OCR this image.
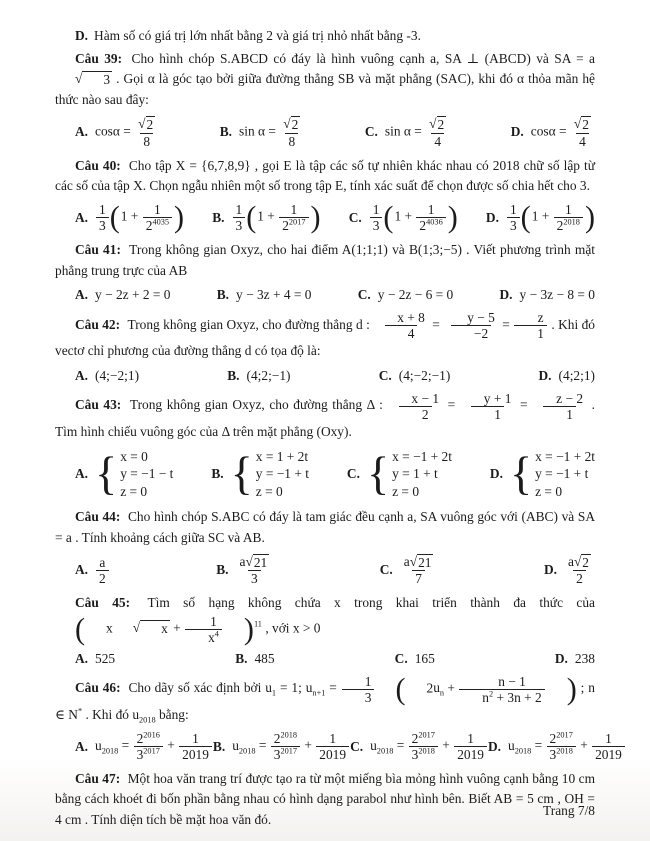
D. Hàm số có giá trị lớn nhất bằng 2 và giá trị nhỏ nhất bằng -3.

Câu 39: Cho hình chóp S.ABCD có đáy là hình vuông cạnh a, SA ⊥ (ABCD) và SA = a
√	3 . Gọi α là góc tạo bởi giữa đường thẳng SB và mặt phẳng (SAC), khi đó α thỏa mãn hệ thức nào sau đây:

A. $\cos\alpha = \frac{√ 2}{8}$	B. $\sin \alpha = \frac{√ 2}{8}$	C. $\sin \alpha = \frac{√ 2}{4}$	D. $\cos\alpha = \frac{√ 2}{4}$

Câu 40: Cho tập X = {6,7,8,9} , gọi E là tập các số tự nhiên khác nhau có 2018 chữ số lập từ các số của tập X. Chọn ngẫu nhiên một số trong tập E, tính xác suất để chọn được số chia hết cho 3.

A. $\frac{1}{3}$ ( $1 + \frac{1}{2^{4035}}$ ) B. $\frac{1}{3}$ ( $1 + \frac{1}{2^{2017}}$ ) C. $\frac{1}{3}$ ( $1 + \frac{1}{2^{4036}}$ ) D. $\frac{1}{3}$ ( $1 + \frac{1}{2^{2018}}$ )

Câu 41: Trong không gian Oxyz, cho hai điểm A(1;1;1) và B(1;3;−5) . Viết phương trình mặt phẳng trung trực của AB

A. y − 2z + 2 = 0	B. y − 3z + 4 = 0	C. y − 2z − 6 = 0	D. y − 3z − 8 = 0

Câu 42: Trong không gian Oxyz, cho đường thẳng d : $\frac{x + 8}{4} = \frac{y - 5}{-2} = \frac{z}{1}$ . Khi đó vectơ chỉ phương của đường thẳng d có tọa độ là:

A. (4;−2;1)	B. (4;2;−1)	C. (4;−2;−1)	D. (4;2;1)

Câu 43: Trong không gian Oxyz, cho đường thẳng Δ : $\frac{x - 1}{2} = \frac{y + 1}{1} = \frac{z - 2}{1}$ . Tìm hình chiếu vuông góc của Δ trên mặt phẳng (Oxy).

A. { x = 0
y = −1 − t
z = 0
B. { x = 1 + 2t
y = −1 + t
z = 0
C. { x = −1 + 2t
y = 1 + t
z = 0
D. { x = −1 + 2t
y = −1 + t
z = 0

Câu 44: Cho hình chóp S.ABC có đáy là tam giác đều cạnh a, SA vuông góc với (ABC) và SA = a . Tính khoảng cách giữa SC và AB.

A. $\frac{a}{2}$	B. $\frac{a √ 21}{3}$	C. $\frac{a √ 21}{7}$	D. $\frac{a √ 2}{2}$

Câu 45: Tìm số hạng không chứa x trong khai triển thành đa thức của
(	x	√	$x + \frac{1}{x^4}$ ) $^{11}$ , với x > 0

A. 525	B. 485	C. 165	D. 238

Câu 46: Cho dãy số xác định bởi $u_1 = 1$; $u_{n+1} = \frac{1}{3}$ (	$2u_n + \frac{n - 1}{n^2 + 3n + 2}$ ) ; n ∈ N* . Khi đó $u_{2018}$ bằng:

A. $u_{2018} = \frac{2^{2016}}{3^{2017}} + \frac{1}{2019} B$. $u_{2018} = \frac{2^{2018}}{3^{2017}} + \frac{1}{2019} C$. $u_{2018} = \frac{2^{2017}}{3^{2018}} + \frac{1}{2019} D$. $u_{2018} = \frac{2^{2017}}{3^{2018}} + \frac{1}{2019}$

Câu 47: Một hoa văn trang trí được tạo ra từ một miếng bìa mỏng hình vuông cạnh bằng 10 cm bằng cách khoét đi bốn phần bằng nhau có hình dạng parabol như hình bên. Biết AB = 5 cm , OH = 4 cm . Tính diện tích bề mặt hoa văn đó.

Trang 7/8
